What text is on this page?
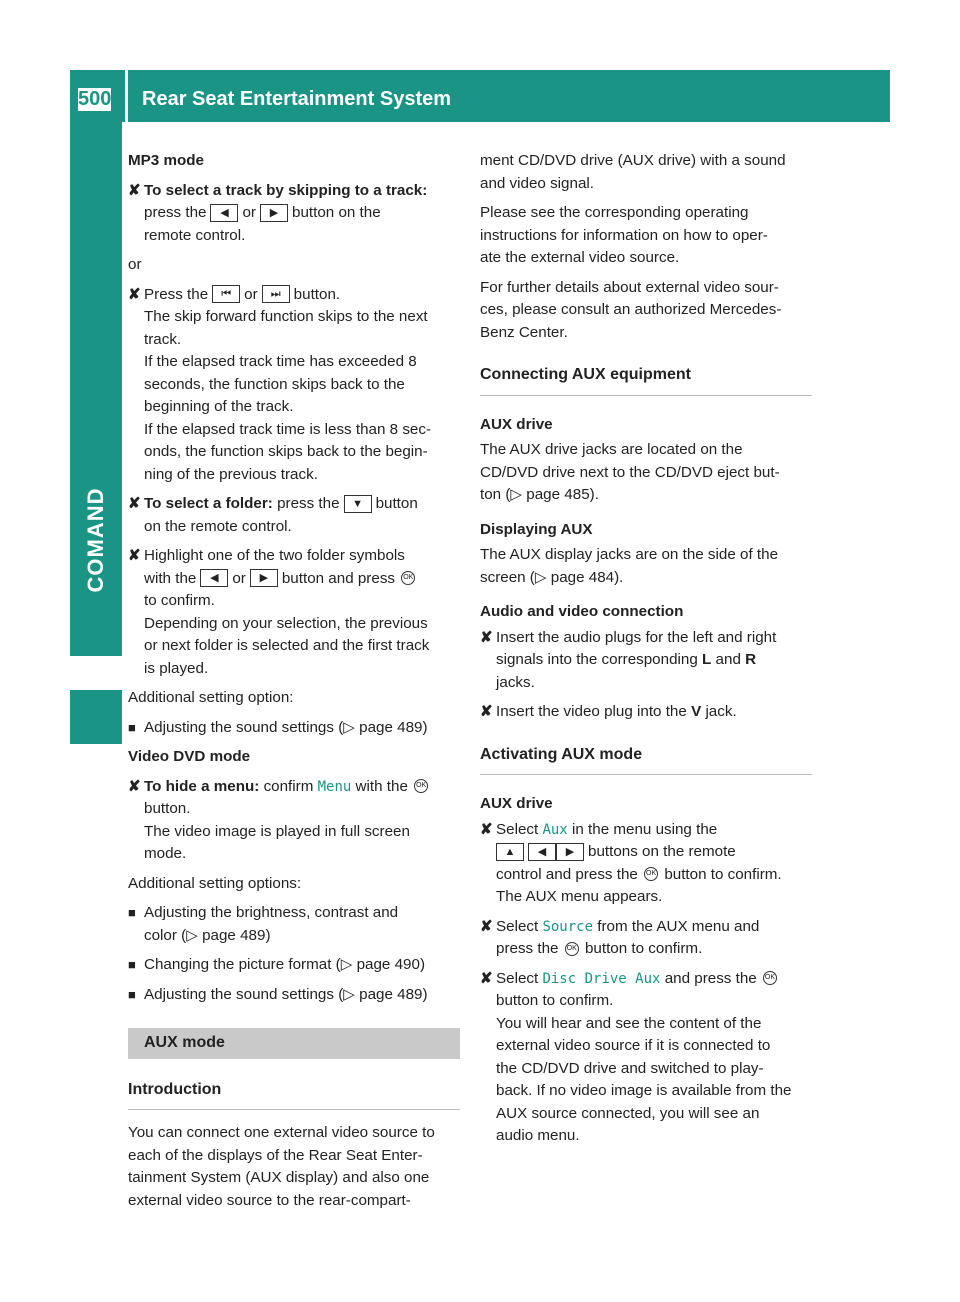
500 Rear Seat Entertainment System
COMAND

MP3 mode

✘ To select a track by skipping to a track:
press the ◀ or ▶ button on the
remote control.

or

✘ Press the ⏮ or ⏭ button.
The skip forward function skips to the next
track.
If the elapsed track time has exceeded 8
seconds, the function skips back to the
beginning of the track.
If the elapsed track time is less than 8 sec-
onds, the function skips back to the begin-
ning of the previous track.
✘ To select a folder: press the ▼ button
on the remote control.
✘ Highlight one of the two folder symbols
with the ◀ or ▶ button and press OK
to confirm.
Depending on your selection, the previous
or next folder is selected and the first track
is played.

Additional setting option:

■ Adjusting the sound settings (▷ page 489)

Video DVD mode

✘ To hide a menu: confirm Menu with the OK
button.
The video image is played in full screen
mode.

Additional setting options:

■ Adjusting the brightness, contrast and
color (▷ page 489)
■ Changing the picture format (▷ page 490)
■ Adjusting the sound settings (▷ page 489)
AUX mode
Introduction

You can connect one external video source to
each of the displays of the Rear Seat Enter-
tainment System (AUX display) and also one
external video source to the rear-compart-

ment CD/DVD drive (AUX drive) with a sound
and video signal.

Please see the corresponding operating
instructions for information on how to oper-
ate the external video source.

For further details about external video sour-
ces, please consult an authorized Mercedes-
Benz Center.

Connecting AUX equipment

AUX drive

The AUX drive jacks are located on the
CD/DVD drive next to the CD/DVD eject but-
ton (▷ page 485).

Displaying AUX

The AUX display jacks are on the side of the
screen (▷ page 484).

Audio and video connection

✘ Insert the audio plugs for the left and right
signals into the corresponding L and R
jacks.
✘ Insert the video plug into the V jack.
Activating AUX mode

AUX drive

✘ Select Aux in the menu using the
▲ ◀ ▶ buttons on the remote
control and press the OK button to confirm.
The AUX menu appears.
✘ Select Source from the AUX menu and
press the OK button to confirm.
✘ Select Disc Drive Aux and press the OK
button to confirm.
You will hear and see the content of the
external video source if it is connected to
the CD/DVD drive and switched to play-
back. If no video image is available from the
AUX source connected, you will see an
audio menu.
